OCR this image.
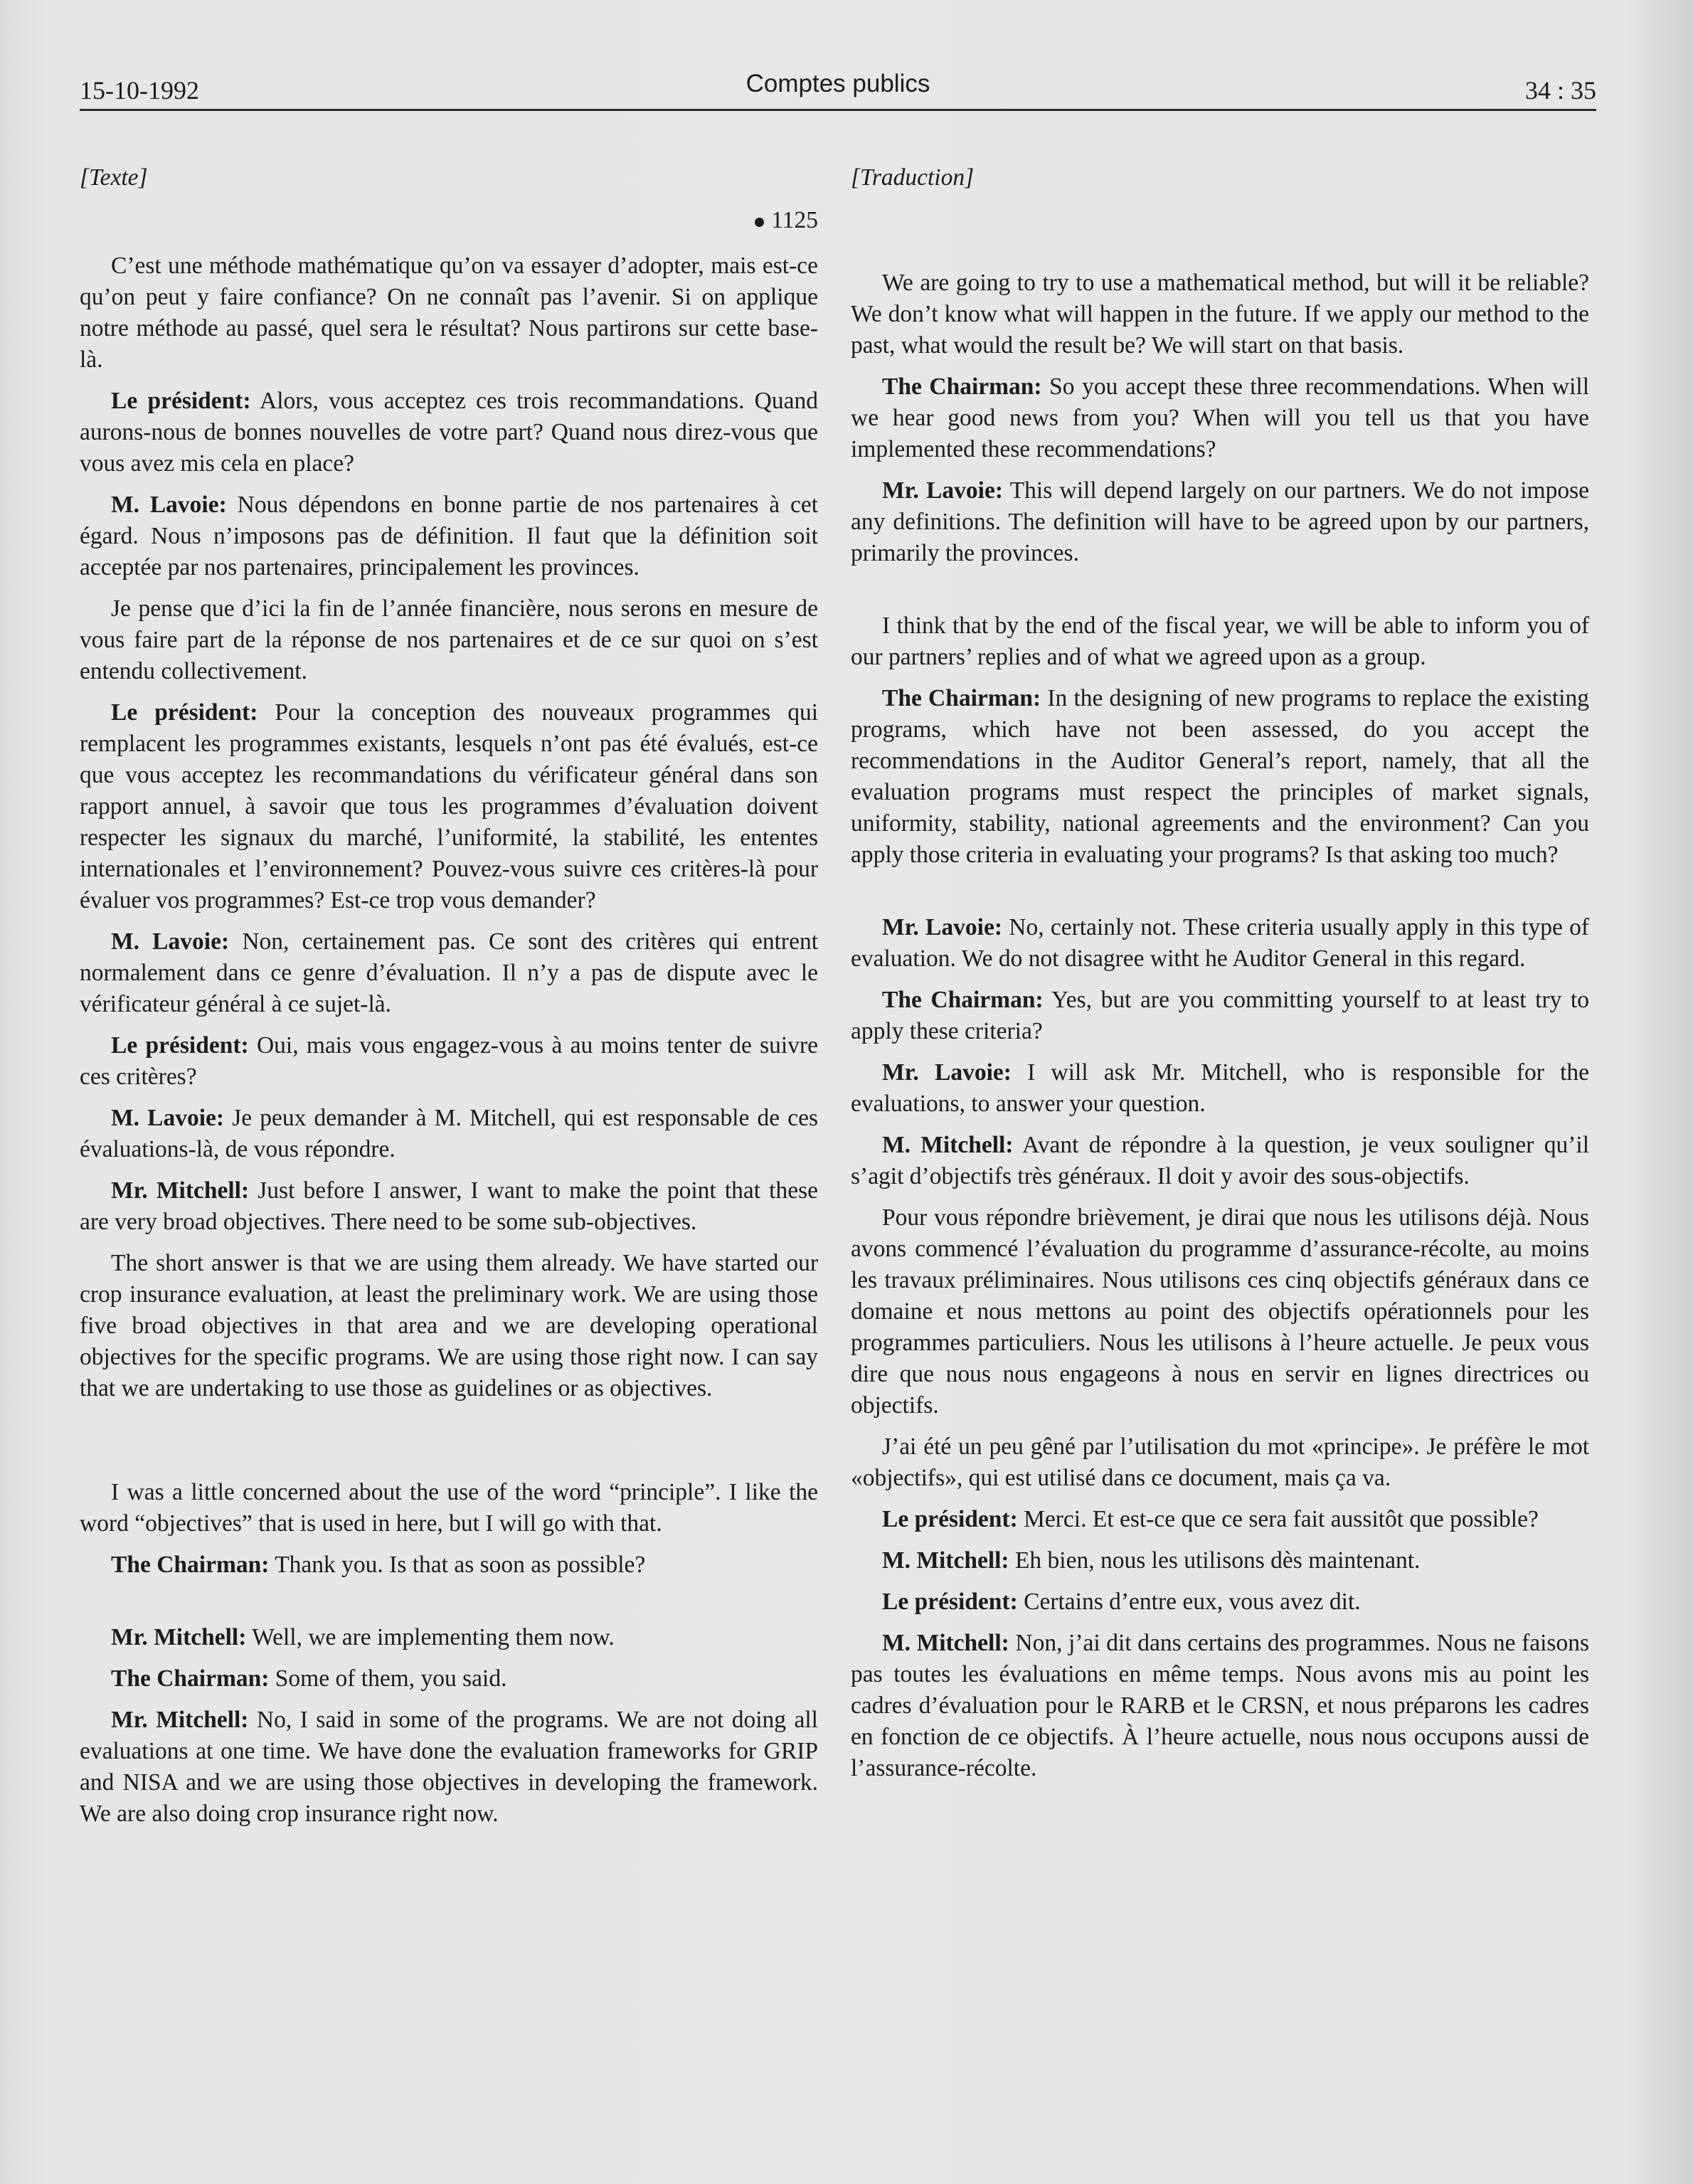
15-10-1992	Comptes publics	34 : 35
[Texte]
1125

C’est une méthode mathématique qu’on va essayer d’adopter, mais est-ce qu’on peut y faire confiance? On ne connaît pas l’avenir. Si on applique notre méthode au passé, quel sera le résultat? Nous partirons sur cette base-là.

Le président: Alors, vous acceptez ces trois recommandations. Quand aurons-nous de bonnes nouvelles de votre part? Quand nous direz-vous que vous avez mis cela en place?

M. Lavoie: Nous dépendons en bonne partie de nos partenaires à cet égard. Nous n’imposons pas de définition. Il faut que la définition soit acceptée par nos partenaires, principalement les provinces.

Je pense que d’ici la fin de l’année financière, nous serons en mesure de vous faire part de la réponse de nos partenaires et de ce sur quoi on s’est entendu collectivement.

Le président: Pour la conception des nouveaux programmes qui remplacent les programmes existants, lesquels n’ont pas été évalués, est-ce que vous acceptez les recommandations du vérificateur général dans son rapport annuel, à savoir que tous les programmes d’évaluation doivent respecter les signaux du marché, l’uniformité, la stabilité, les ententes internationales et l’environnement? Pouvez-vous suivre ces critères-là pour évaluer vos programmes? Est-ce trop vous demander?

M. Lavoie: Non, certainement pas. Ce sont des critères qui entrent normalement dans ce genre d’évaluation. Il n’y a pas de dispute avec le vérificateur général à ce sujet-là.

Le président: Oui, mais vous engagez-vous à au moins tenter de suivre ces critères?

M. Lavoie: Je peux demander à M. Mitchell, qui est responsable de ces évaluations-là, de vous répondre.

Mr. Mitchell: Just before I answer, I want to make the point that these are very broad objectives. There need to be some sub-objectives.

The short answer is that we are using them already. We have started our crop insurance evaluation, at least the preliminary work. We are using those five broad objectives in that area and we are developing operational objectives for the specific programs. We are using those right now. I can say that we are undertaking to use those as guidelines or as objectives.

I was a little concerned about the use of the word “principle”. I like the word “objectives” that is used in here, but I will go with that.

The Chairman: Thank you. Is that as soon as possible?

Mr. Mitchell: Well, we are implementing them now.

The Chairman: Some of them, you said.

Mr. Mitchell: No, I said in some of the programs. We are not doing all evaluations at one time. We have done the evaluation frameworks for GRIP and NISA and we are using those objectives in developing the framework. We are also doing crop insurance right now.

[Traduction]

We are going to try to use a mathematical method, but will it be reliable? We don’t know what will happen in the future. If we apply our method to the past, what would the result be? We will start on that basis.

The Chairman: So you accept these three recommendations. When will we hear good news from you? When will you tell us that you have implemented these recommendations?

Mr. Lavoie: This will depend largely on our partners. We do not impose any definitions. The definition will have to be agreed upon by our partners, primarily the provinces.

I think that by the end of the fiscal year, we will be able to inform you of our partners’ replies and of what we agreed upon as a group.

The Chairman: In the designing of new programs to replace the existing programs, which have not been assessed, do you accept the recommendations in the Auditor General’s report, namely, that all the evaluation programs must respect the principles of market signals, uniformity, stability, national agreements and the environment? Can you apply those criteria in evaluating your programs? Is that asking too much?

Mr. Lavoie: No, certainly not. These criteria usually apply in this type of evaluation. We do not disagree witht he Auditor General in this regard.

The Chairman: Yes, but are you committing yourself to at least try to apply these criteria?

Mr. Lavoie: I will ask Mr. Mitchell, who is responsible for the evaluations, to answer your question.

M. Mitchell: Avant de répondre à la question, je veux souligner qu’il s’agit d’objectifs très généraux. Il doit y avoir des sous-objectifs.

Pour vous répondre brièvement, je dirai que nous les utilisons déjà. Nous avons commencé l’évaluation du programme d’assurance-récolte, au moins les travaux préliminaires. Nous utilisons ces cinq objectifs généraux dans ce domaine et nous mettons au point des objectifs opérationnels pour les programmes particuliers. Nous les utilisons à l’heure actuelle. Je peux vous dire que nous nous engageons à nous en servir en lignes directrices ou objectifs.

J’ai été un peu gêné par l’utilisation du mot «principe». Je préfère le mot «objectifs», qui est utilisé dans ce document, mais ça va.

Le président: Merci. Et est-ce que ce sera fait aussitôt que possible?

M. Mitchell: Eh bien, nous les utilisons dès maintenant.

Le président: Certains d’entre eux, vous avez dit.

M. Mitchell: Non, j’ai dit dans certains des programmes. Nous ne faisons pas toutes les évaluations en même temps. Nous avons mis au point les cadres d’évaluation pour le RARB et le CRSN, et nous préparons les cadres en fonction de ce objectifs. À l’heure actuelle, nous nous occupons aussi de l’assurance-récolte.
